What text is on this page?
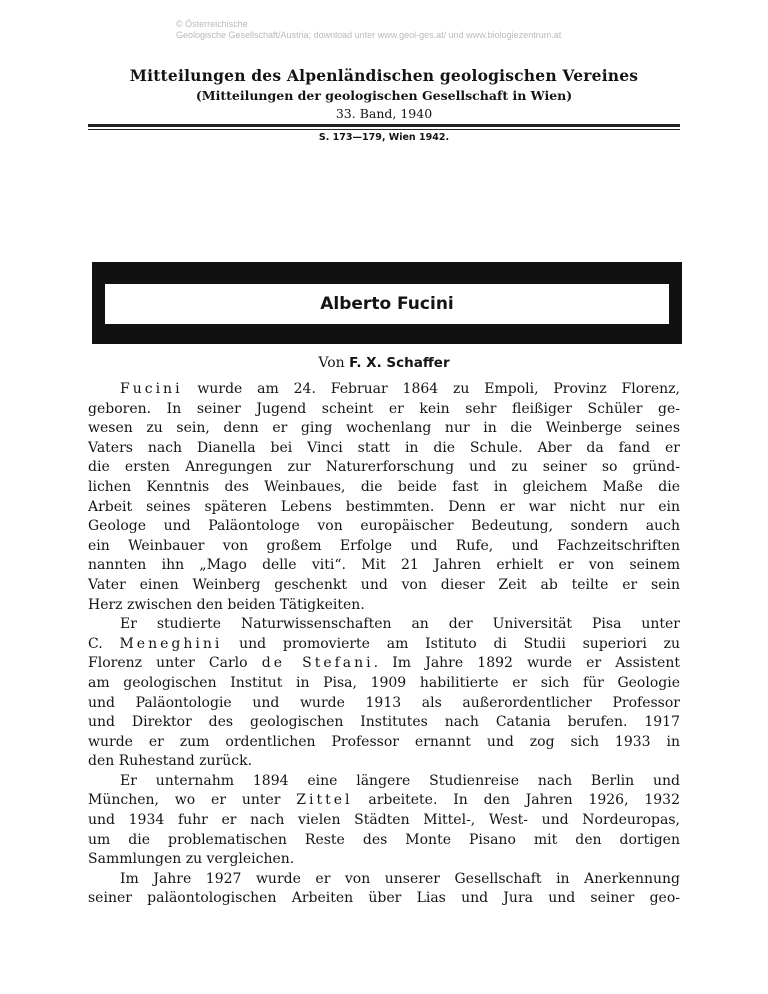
© Österreichische
Geologische Gesellschaft/Austria; download unter www.geol-ges.at/ und www.biologiezentrum.at
Mitteilungen des Alpenländischen geologischen Vereines
(Mitteilungen der geologischen Gesellschaft in Wien)
33. Band, 1940
S. 173—179, Wien 1942.
Alberto Fucini
Von F. X. Schaffer
Fucini wurde am 24. Februar 1864 zu Empoli, Provinz Florenz,
geboren. In seiner Jugend scheint er kein sehr fleißiger Schüler ge-
wesen zu sein, denn er ging wochenlang nur in die Weinberge seines
Vaters nach Dianella bei Vinci statt in die Schule. Aber da fand er
die ersten Anregungen zur Naturerforschung und zu seiner so gründ-
lichen Kenntnis des Weinbaues, die beide fast in gleichem Maße die
Arbeit seines späteren Lebens bestimmten. Denn er war nicht nur ein
Geologe und Paläontologe von europäischer Bedeutung, sondern auch
ein Weinbauer von großem Erfolge und Rufe, und Fachzeitschriften
nannten ihn „Mago delle viti“. Mit 21 Jahren erhielt er von seinem
Vater einen Weinberg geschenkt und von dieser Zeit ab teilte er sein
Herz zwischen den beiden Tätigkeiten.
Er studierte Naturwissenschaften an der Universität Pisa unter
C. Meneghini und promovierte am Istituto di Studii superiori zu
Florenz unter Carlo de Stefani. Im Jahre 1892 wurde er Assistent
am geologischen Institut in Pisa, 1909 habilitierte er sich für Geologie
und Paläontologie und wurde 1913 als außerordentlicher Professor
und Direktor des geologischen Institutes nach Catania berufen. 1917
wurde er zum ordentlichen Professor ernannt und zog sich 1933 in
den Ruhestand zurück.
Er unternahm 1894 eine längere Studienreise nach Berlin und
München, wo er unter Zittel arbeitete. In den Jahren 1926, 1932
und 1934 fuhr er nach vielen Städten Mittel-, West- und Nordeuropas,
um die problematischen Reste des Monte Pisano mit den dortigen
Sammlungen zu vergleichen.
Im Jahre 1927 wurde er von unserer Gesellschaft in Anerkennung
seiner paläontologischen Arbeiten über Lias und Jura und seiner geo-
